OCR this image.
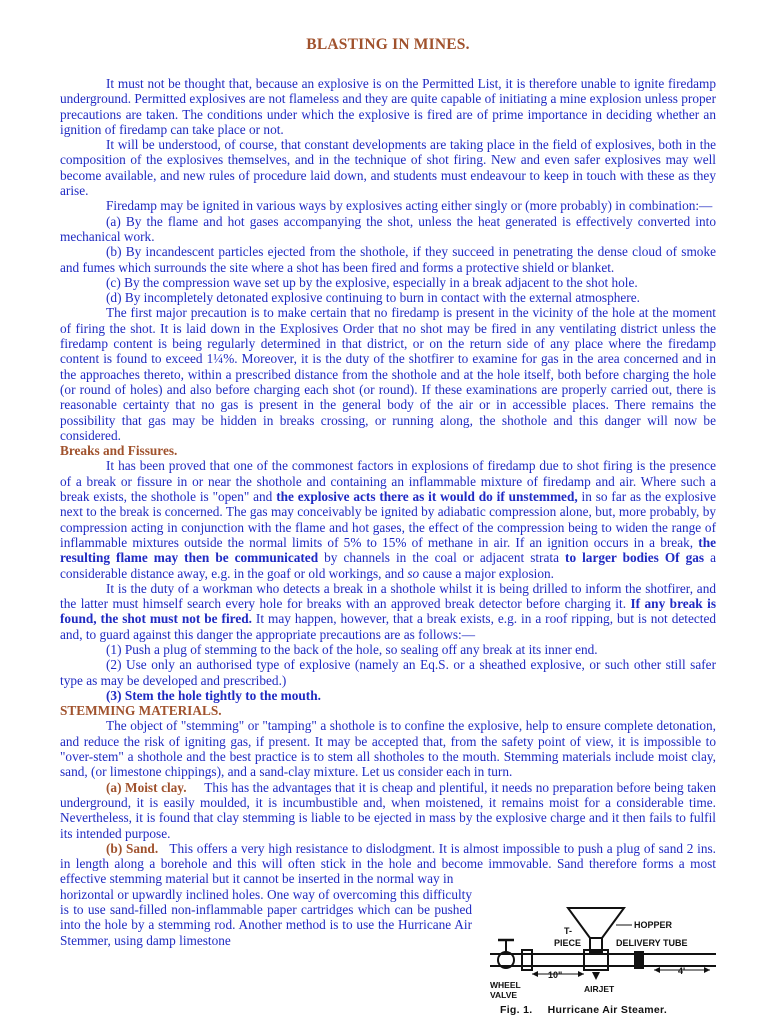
BLASTING IN MINES.

It must not be thought that, because an explosive is on the Permitted List, it is therefore unable to ignite firedamp underground. Permitted explosives are not flameless and they are quite capable of initiating a mine explosion unless proper precautions are taken. The conditions under which the explosive is fired are of prime importance in deciding whether an ignition of firedamp can take place or not.

It will be understood, of course, that constant developments are taking place in the field of explosives, both in the composition of the explosives themselves, and in the technique of shot firing. New and even safer explosives may well become available, and new rules of procedure laid down, and students must endeavour to keep in touch with these as they arise.

Firedamp may be ignited in various ways by explosives acting either singly or (more probably) in combination:—

(a) By the flame and hot gases accompanying the shot, unless the heat generated is effectively converted into mechanical work.

(b) By incandescent particles ejected from the shothole, if they succeed in penetrating the dense cloud of smoke and fumes which surrounds the site where a shot has been fired and forms a protective shield or blanket.

(c) By the compression wave set up by the explosive, especially in a break adjacent to the shot hole.

(d) By incompletely detonated explosive continuing to burn in contact with the external atmosphere.

The first major precaution is to make certain that no firedamp is present in the vicinity of the hole at the moment of firing the shot. It is laid down in the Explosives Order that no shot may be fired in any ventilating district unless the firedamp content is being regularly determined in that district, or on the return side of any place where the firedamp content is found to exceed 1¼%. Moreover, it is the duty of the shotfirer to examine for gas in the area concerned and in the approaches thereto, within a prescribed distance from the shothole and at the hole itself, both before charging the hole (or round of holes) and also before charging each shot (or round). If these examinations are properly carried out, there is reasonable certainty that no gas is present in the general body of the air or in accessible places. There remains the possibility that gas may be hidden in breaks crossing, or running along, the shothole and this danger will now be considered.

Breaks and Fissures.

It has been proved that one of the commonest factors in explosions of firedamp due to shot firing is the presence of a break or fissure in or near the shothole and containing an inflammable mixture of firedamp and air. Where such a break exists, the shothole is "open" and the explosive acts there as it would do if unstemmed, in so far as the explosive next to the break is concerned. The gas may conceivably be ignited by adiabatic compression alone, but, more probably, by compression acting in conjunction with the flame and hot gases, the effect of the compression being to widen the range of inflammable mixtures outside the normal limits of 5% to 15% of methane in air. If an ignition occurs in a break, the resulting flame may then be communicated by channels in the coal or adjacent strata to larger bodies Of gas a considerable distance away, e.g. in the goaf or old workings, and so cause a major explosion.

It is the duty of a workman who detects a break in a shothole whilst it is being drilled to inform the shotfirer, and the latter must himself search every hole for breaks with an approved break detector before charging it. If any break is found, the shot must not be fired. It may happen, however, that a break exists, e.g. in a roof ripping, but is not detected and, to guard against this danger the appropriate precautions are as follows:—

(1) Push a plug of stemming to the back of the hole, so sealing off any break at its inner end.

(2) Use only an authorised type of explosive (namely an Eq.S. or a sheathed explosive, or such other still safer type as may be developed and prescribed.)

(3) Stem the hole tightly to the mouth.

STEMMING MATERIALS.

The object of "stemming" or "tamping" a shothole is to confine the explosive, help to ensure complete detonation, and reduce the risk of igniting gas, if present. It may be accepted that, from the safety point of view, it is impossible to "over-stem" a shothole and the best practice is to stem all shotholes to the mouth. Stemming materials include moist clay, sand, (or limestone chippings), and a sand-clay mixture. Let us consider each in turn.

(a) Moist clay. This has the advantages that it is cheap and plentiful, it needs no preparation before being taken underground, it is easily moulded, it is incumbustible and, when moistened, it remains moist for a considerable time. Nevertheless, it is found that clay stemming is liable to be ejected in mass by the explosive charge and it then fails to fulfil its intended purpose.

(b) Sand. This offers a very high resistance to dislodgment. It is almost impossible to push a plug of sand 2 ins. in length along a borehole and this will often stick in the hole and become immovable. Sand therefore forms a most effective stemming material but it cannot be inserted in the normal way in

horizontal or upwardly inclined holes. One way of overcoming this difficulty is to use sand-filled non-inflammable paper cartridges which can be pushed into the hole by a stemming rod. Another method is to use the Hurricane Air Stemmer, using damp limestone

HOPPER
T-
PIECE	DELIVERY TUBE
10"	4'
WHEEL
VALVE
AIRJET
Fig. 1. Hurricane Air Steamer.
